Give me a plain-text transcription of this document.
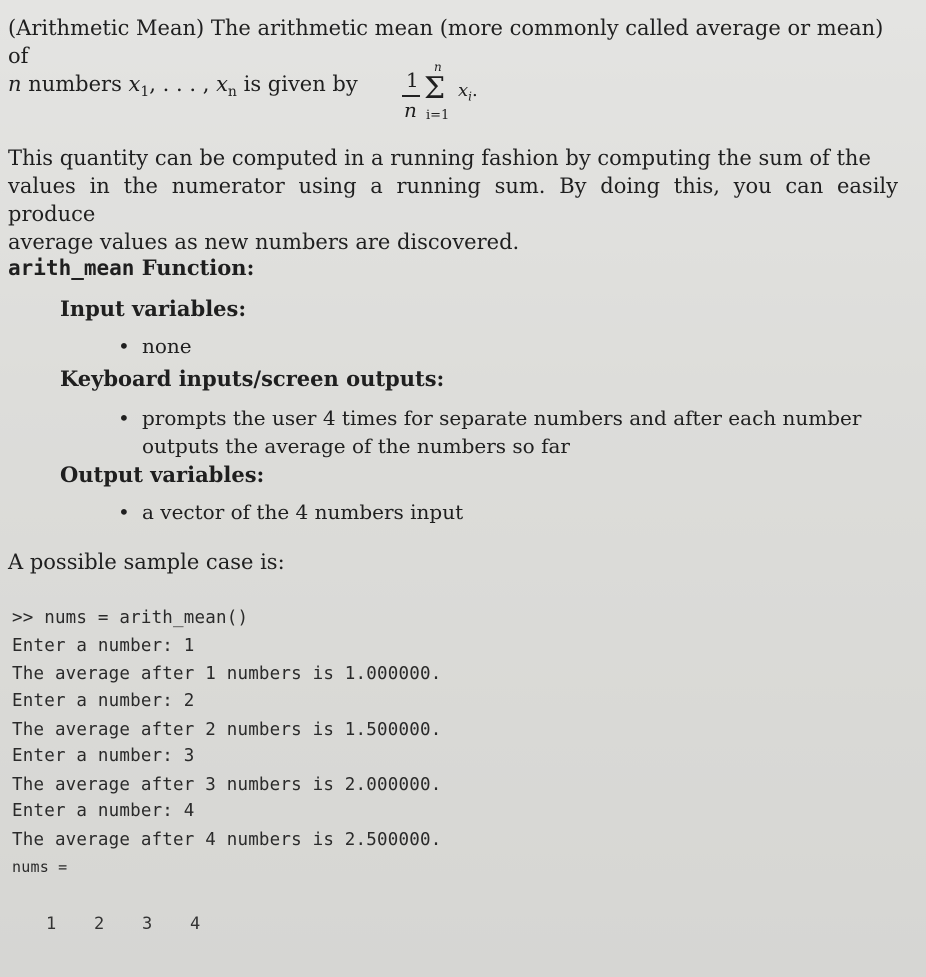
(Arithmetic Mean) The arithmetic mean (more commonly called average or mean) of
n numbers $x_1$, . . . , $x_n$ is given by	1
n
n
Σ
i=1
$x_i$.
This quantity can be computed in a running fashion by computing the sum of the
values in the numerator using a running sum. By doing this, you can easily produce
average values as new numbers are discovered.
arith_mean Function:
Input variables:
• none
Keyboard inputs/screen outputs:
• prompts the user 4 times for separate numbers and after each number
outputs the average of the numbers so far
Output variables:
• a vector of the 4 numbers input
A possible sample case is:
>> nums = arith_mean()
Enter a number: 1
The average after 1 numbers is 1.000000.
Enter a number: 2
The average after 2 numbers is 1.500000.
Enter a number: 3
The average after 3 numbers is 2.000000.
Enter a number: 4
The average after 4 numbers is 2.500000.
nums =
1 2 3 4
